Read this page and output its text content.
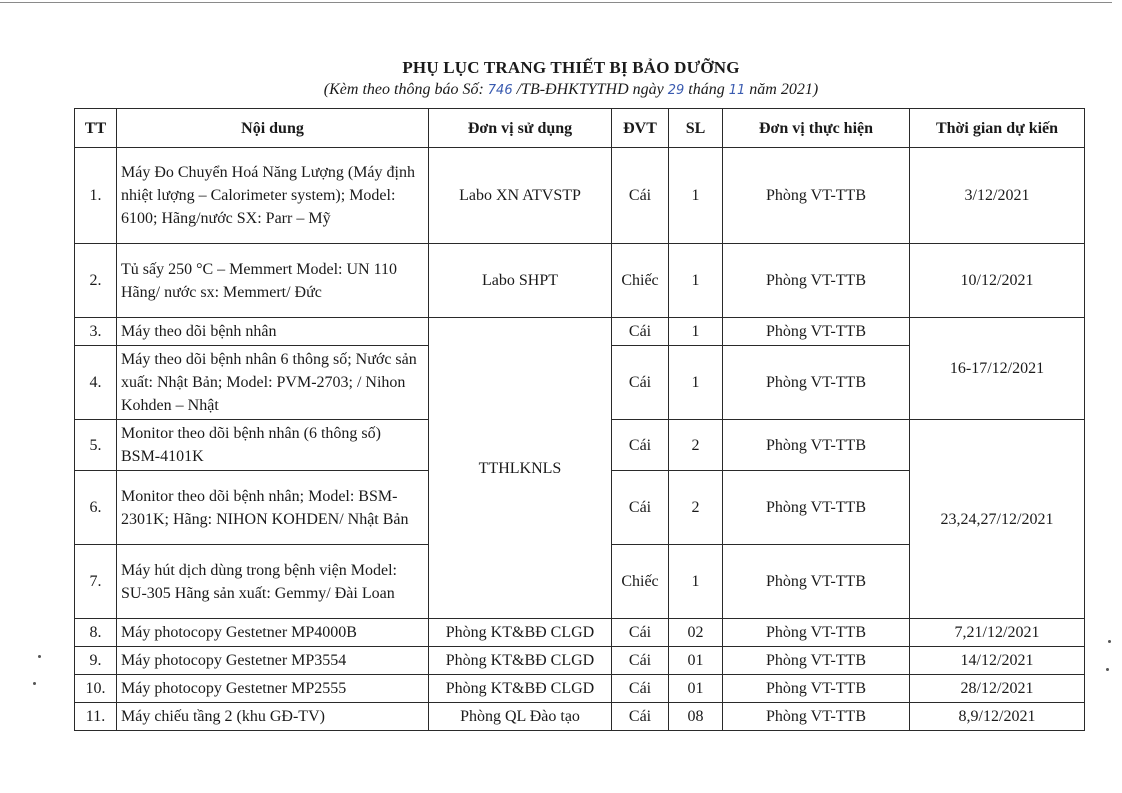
PHỤ LỤC TRANG THIẾT BỊ BẢO DƯỠNG
(Kèm theo thông báo Số: 746 /TB-ĐHKTYTHD ngày 29 tháng 11 năm 2021)
TT	Nội dung	Đơn vị sử dụng	ĐVT	SL	Đơn vị thực hiện	Thời gian dự kiến
1.	Máy Đo Chuyển Hoá Năng Lượng (Máy định nhiệt lượng – Calorimeter system); Model: 6100; Hãng/nước SX: Parr – Mỹ	Labo XN ATVSTP	Cái	1	Phòng VT-TTB	3/12/2021
2.	Tủ sấy 250 °C – Memmert Model: UN 110 Hãng/ nước sx: Memmert/ Đức	Labo SHPT	Chiếc	1	Phòng VT-TTB	10/12/2021
3.	Máy theo dõi bệnh nhân	TTHLKNLS	Cái	1	Phòng VT-TTB	16-17/12/2021
4.	Máy theo dõi bệnh nhân 6 thông số; Nước sản xuất: Nhật Bản; Model: PVM-2703; / Nihon Kohden – Nhật		Cái	1	Phòng VT-TTB	
5.	Monitor theo dõi bệnh nhân (6 thông số) BSM-4101K		Cái	2	Phòng VT-TTB	23,24,27/12/2021
6.	Monitor theo dõi bệnh nhân; Model: BSM-2301K; Hãng: NIHON KOHDEN/ Nhật Bản		Cái	2	Phòng VT-TTB	
7.	Máy hút dịch dùng trong bệnh viện Model: SU-305 Hãng sản xuất: Gemmy/ Đài Loan		Chiếc	1	Phòng VT-TTB	
8.	Máy photocopy Gestetner MP4000B	Phòng KT&BĐ CLGD	Cái	02	Phòng VT-TTB	7,21/12/2021
9.	Máy photocopy Gestetner MP3554	Phòng KT&BĐ CLGD	Cái	01	Phòng VT-TTB	14/12/2021
10.	Máy photocopy Gestetner MP2555	Phòng KT&BĐ CLGD	Cái	01	Phòng VT-TTB	28/12/2021
11.	Máy chiếu tầng 2 (khu GĐ-TV)	Phòng QL Đào tạo	Cái	08	Phòng VT-TTB	8,9/12/2021
